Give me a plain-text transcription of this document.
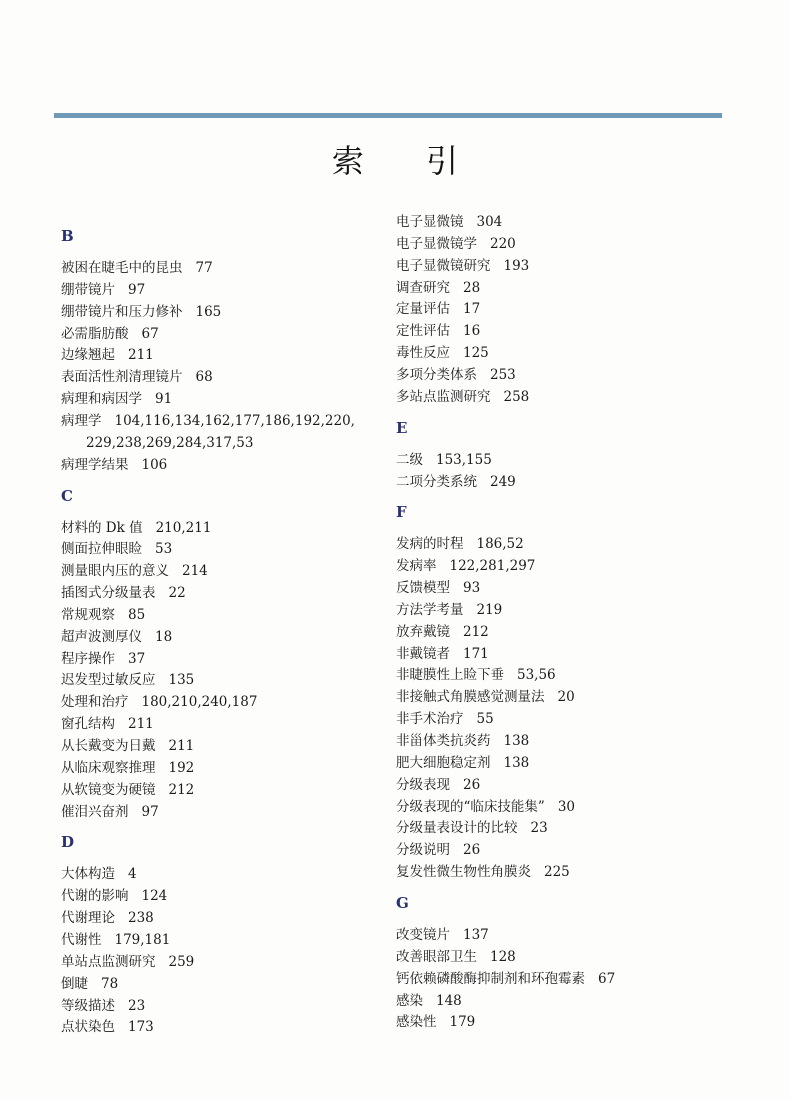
索 引
B
被困在睫毛中的昆虫 77
绷带镜片 97
绷带镜片和压力修补 165
必需脂肪酸 67
边缘翘起 211
表面活性剂清理镜片 68
病理和病因学 91
病理学 104,116,134,162,177,186,192,220,
229,238,269,284,317,53
病理学结果 106
C
材料的 Dk 值 210,211
侧面拉伸眼睑 53
测量眼内压的意义 214
插图式分级量表 22
常规观察 85
超声波测厚仪 18
程序操作 37
迟发型过敏反应 135
处理和治疗 180,210,240,187
窗孔结构 211
从长戴变为日戴 211
从临床观察推理 192
从软镜变为硬镜 212
催泪兴奋剂 97
D
大体构造 4
代谢的影响 124
代谢理论 238
代谢性 179,181
单站点监测研究 259
倒睫 78
等级描述 23
点状染色 173
电子显微镜 304
电子显微镜学 220
电子显微镜研究 193
调查研究 28
定量评估 17
定性评估 16
毒性反应 125
多项分类体系 253
多站点监测研究 258
E
二级 153,155
二项分类系统 249
F
发病的时程 186,52
发病率 122,281,297
反馈模型 93
方法学考量 219
放弃戴镜 212
非戴镜者 171
非睫膜性上睑下垂 53,56
非接触式角膜感觉测量法 20
非手术治疗 55
非甾体类抗炎药 138
肥大细胞稳定剂 138
分级表现 26
分级表现的“临床技能集” 30
分级量表设计的比较 23
分级说明 26
复发性微生物性角膜炎 225
G
改变镜片 137
改善眼部卫生 128
钙依赖磷酸酶抑制剂和环孢霉素 67
感染 148
感染性 179
